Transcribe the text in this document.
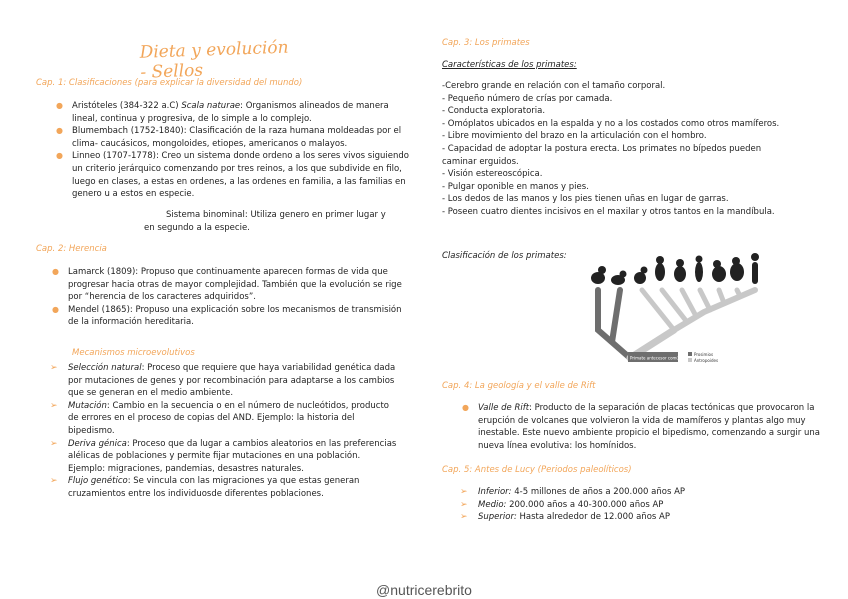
Dieta y evolución - Sellos
Cap. 1: Clasificaciones (para explicar la diversidad del mundo)
● Aristóteles (384-322 a.C) Scala naturae: Organismos alineados de manera lineal, continua y progresiva, de lo simple a lo complejo.
● Blumembach (1752-1840): Clasificación de la raza humana moldeadas por el clima- caucásicos, mongoloides, etiopes, americanos o malayos.
● Linneo (1707-1778): Creo un sistema donde ordeno a los seres vivos siguiendo un criterio jerárquico comenzando por tres reinos, a los que subdivide en filo, luego en clases, a estas en ordenes, a las ordenes en familia, a las familias en genero u a estos en especie.
Sistema binominal: Utiliza genero en primer lugar y
en segundo a la especie.
Cap. 2: Herencia
● Lamarck (1809): Propuso que continuamente aparecen formas de vida que progresar hacia otras de mayor complejidad. También que la evolución se rige por “herencia de los caracteres adquiridos”.
● Mendel (1865): Propuso una explicación sobre los mecanismos de transmisión de la información hereditaria.
Mecanismos microevolutivos
➢ Selección natural: Proceso que requiere que haya variabilidad genética dada por mutaciones de genes y por recombinación para adaptarse a los cambios que se generan en el medio ambiente.
➢ Mutación: Cambio en la secuencia o en el número de nucleótidos, producto de errores en el proceso de copias del AND. Ejemplo: la historia del bipedismo.
➢ Deriva génica: Proceso que da lugar a cambios aleatorios en las preferencias alélicas de poblaciones y permite fijar mutaciones en una población. Ejemplo: migraciones, pandemias, desastres naturales.
➢ Flujo genético: Se vincula con las migraciones ya que estas generan cruzamientos entre los individuosde diferentes poblaciones.
Cap. 3: Los primates
Características de los primates:
-Cerebro grande en relación con el tamaño corporal.
- Pequeño número de crías por camada.
- Conducta exploratoria.
- Omóplatos ubicados en la espalda y no a los costados como otros mamíferos.
- Libre movimiento del brazo en la articulación con el hombro.
- Capacidad de adoptar la postura erecta. Los primates no bípedos pueden
caminar erguidos.
- Visión estereoscópica.
- Pulgar oponible en manos y pies.
- Los dedos de las manos y los pies tienen uñas en lugar de garras.
- Poseen cuatro dientes incisivos en el maxilar y otros tantos en la mandíbula.
Clasificación de los primates:
Primate antecesor común
Prosimios
Antropoides
Cap. 4: La geología y el valle de Rift
● Valle de Rift: Producto de la separación de placas tectónicas que provocaron la erupción de volcanes que volvieron la vida de mamíferos y plantas algo muy inestable. Este nuevo ambiente propicio el bipedismo, comenzando a surgir una nueva línea evolutiva: los homínidos.
Cap. 5: Antes de Lucy (Periodos paleolíticos)
➢ Inferior: 4-5 millones de años a 200.000 años AP
➢ Medio: 200.000 años a 40-300.000 años AP
➢ Superior: Hasta alrededor de 12.000 años AP
@nutricerebrito
